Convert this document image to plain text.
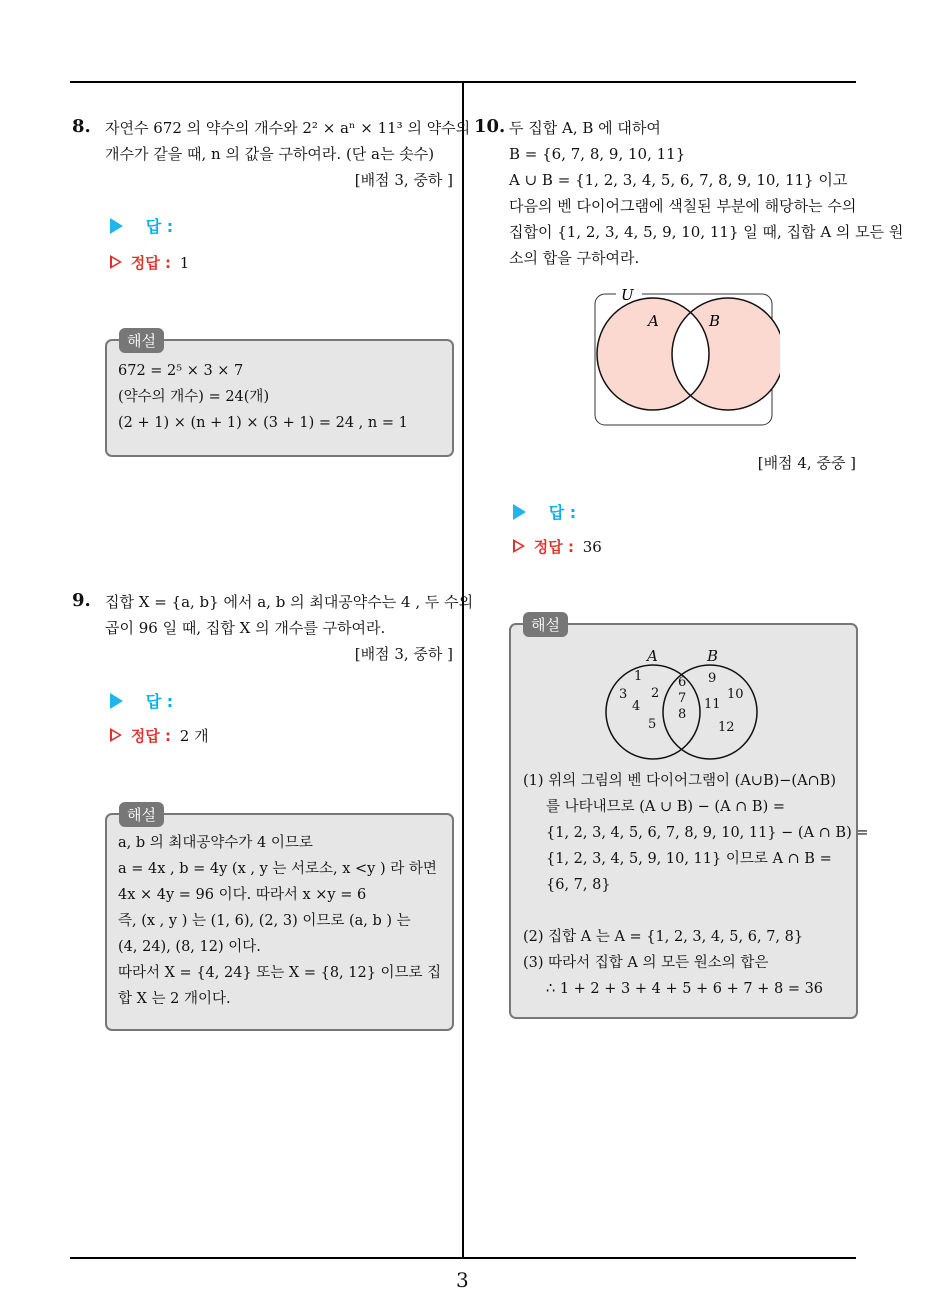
3
8. 자연수 672 의 약수의 개수와 2² × aⁿ × 11³ 의 약수의
개수가 같을 때, n 의 값을 구하여라. (단 a는 솟수)
[배점 3, 중하 ]
답 :
정답 : 1
해설
672 = 2⁵ × 3 × 7
(약수의 개수) = 24(개)
(2 + 1) × (n + 1) × (3 + 1) = 24 , n = 1
9. 집합 X = {a, b} 에서 a, b 의 최대공약수는 4 , 두 수의
곱이 96 일 때, 집합 X 의 개수를 구하여라.
[배점 3, 중하 ]
답 :
정답 : 2 개
해설
a, b 의 최대공약수가 4 이므로
a = 4x , b = 4y (x , y 는 서로소, x <y ) 라 하면
4x × 4y = 96 이다. 따라서 x ×y = 6
즉, (x , y ) 는 (1, 6), (2, 3) 이므로 (a, b ) 는
(4, 24), (8, 12) 이다.
따라서 X = {4, 24} 또는 X = {8, 12} 이므로 집
합 X 는 2 개이다.
10. 두 집합 A, B 에 대하여
B = {6, 7, 8, 9, 10, 11}
A ∪ B = {1, 2, 3, 4, 5, 6, 7, 8, 9, 10, 11} 이고
다음의 벤 다이어그램에 색칠된 부분에 해당하는 수의
집합이 {1, 2, 3, 4, 5, 9, 10, 11} 일 때, 집합 A 의 모든 원
소의 합을 구하여라.
U
A	B
[배점 4, 중중 ]
답 :
정답 : 36
해설
A	B
1
2
3
4
5
6
7
8
9
10
11
12
(1) 위의 그림의 벤 다이어그램이 (A∪B)−(A∩B)
를 나타내므로 (A ∪ B) − (A ∩ B) =
{1, 2, 3, 4, 5, 6, 7, 8, 9, 10, 11} − (A ∩ B) =
{1, 2, 3, 4, 5, 9, 10, 11} 이므로 A ∩ B =
{6, 7, 8}
(2) 집합 A 는 A = {1, 2, 3, 4, 5, 6, 7, 8}
(3) 따라서 집합 A 의 모든 원소의 합은
∴ 1 + 2 + 3 + 4 + 5 + 6 + 7 + 8 = 36
